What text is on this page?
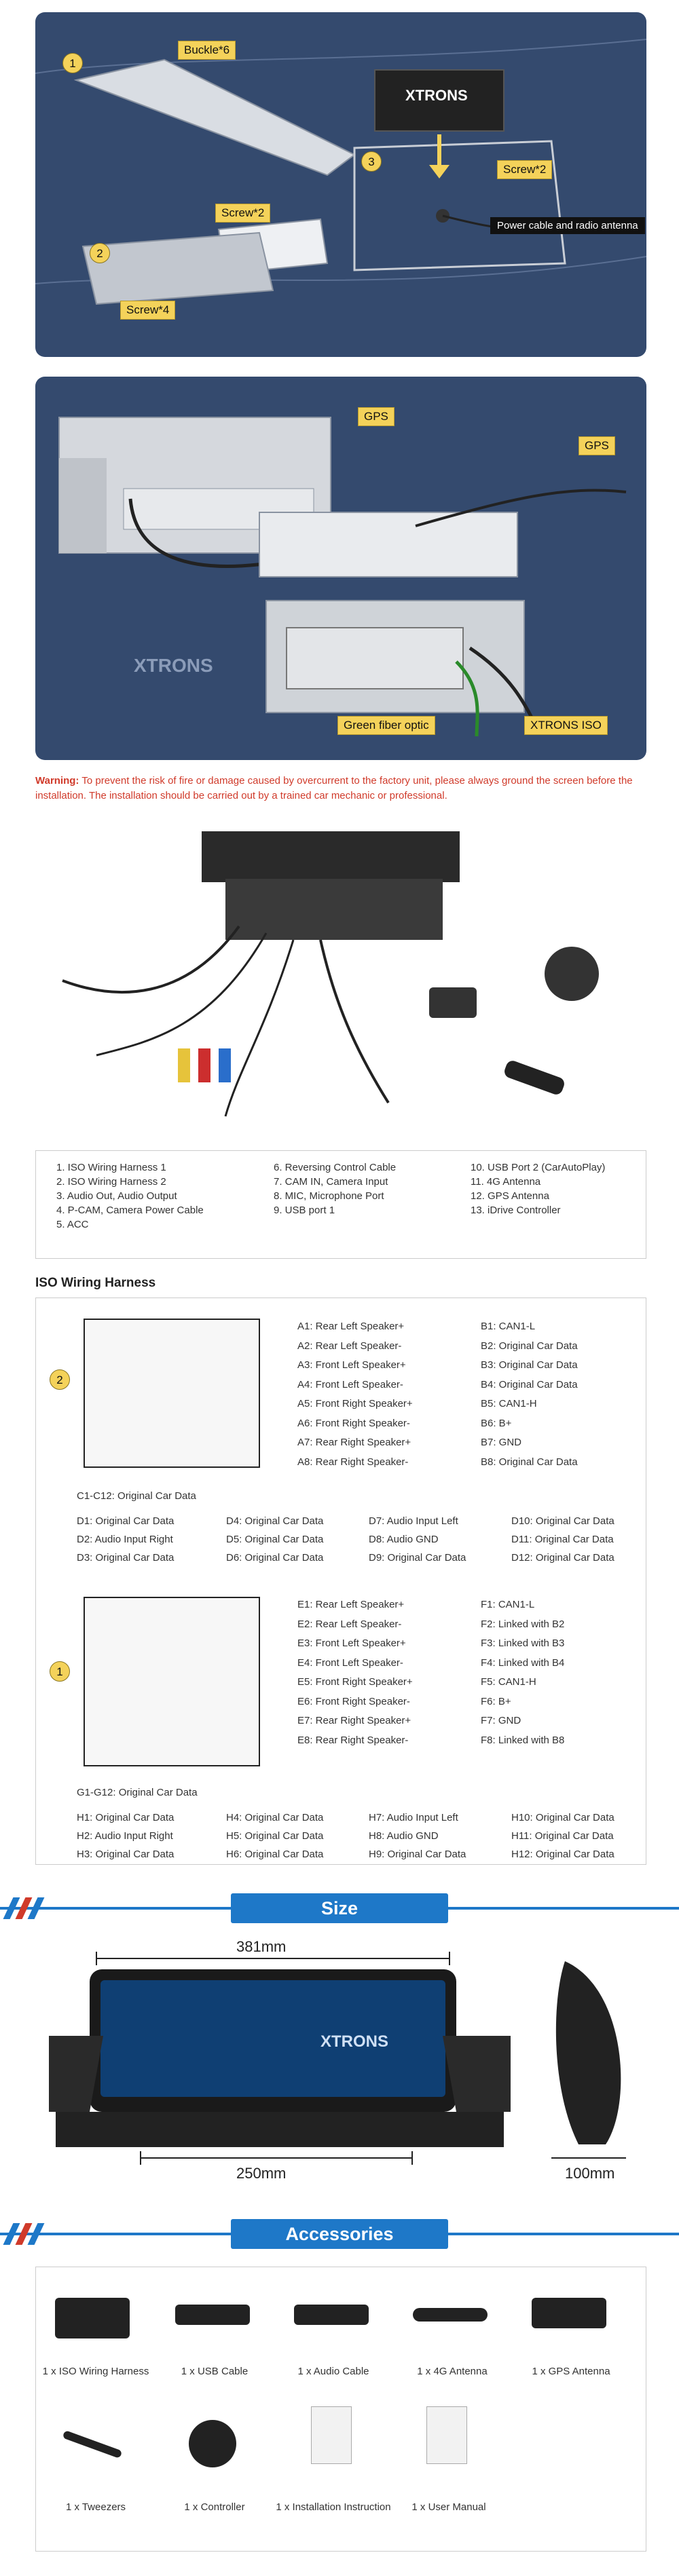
1
2
3
Buckle*6
Screw*2
Screw*2
Screw*4
Power cable and radio antenna
XTRONS
GPS
GPS
Green fiber optic	XTRONS ISO
XTRONS
Warning: To prevent the risk of fire or damage caused by overcurrent to the factory unit, please always ground the screen before the installation. The installation should be carried out by a trained car mechanic or professional.
1. ISO Wiring Harness 1
2. ISO Wiring Harness 2
3. Audio Out, Audio Output
4. P-CAM, Camera Power Cable
5. ACC
6. Reversing Control Cable
7. CAM IN, Camera Input
8. MIC, Microphone Port
9. USB port 1
10. USB Port 2 (CarAutoPlay)
11. 4G Antenna
12. GPS Antenna
13. iDrive Controller
ISO Wiring Harness
2
1
A1: Rear Left Speaker+
A2: Rear Left Speaker-
A3: Front Left Speaker+
A4: Front Left Speaker-
A5: Front Right Speaker+
A6: Front Right Speaker-
A7: Rear Right Speaker+
A8: Rear Right Speaker-
B1: CAN1-L
B2: Original Car Data
B3: Original Car Data
B4: Original Car Data
B5: CAN1-H
B6: B+
B7: GND
B8: Original Car Data
C1-C12: Original Car Data
D1: Original Car Data
D2: Audio Input Right
D3: Original Car Data
D4: Original Car Data
D5: Original Car Data
D6: Original Car Data
D7: Audio Input Left
D8: Audio GND
D9: Original Car Data
D10: Original Car Data
D11: Original Car Data
D12: Original Car Data
E1: Rear Left Speaker+
E2: Rear Left Speaker-
E3: Front Left Speaker+
E4: Front Left Speaker-
E5: Front Right Speaker+
E6: Front Right Speaker-
E7: Rear Right Speaker+
E8: Rear Right Speaker-
F1: CAN1-L
F2: Linked with B2
F3: Linked with B3
F4: Linked with B4
F5: CAN1-H
F6: B+
F7: GND
F8: Linked with B8
G1-G12: Original Car Data
H1: Original Car Data
H2: Audio Input Right
H3: Original Car Data
H4: Original Car Data
H5: Original Car Data
H6: Original Car Data
H7: Audio Input Left
H8: Audio GND
H9: Original Car Data
H10: Original Car Data
H11: Original Car Data
H12: Original Car Data
Size
381mm
250mm	100mm
XTRONS
Accessories
1 x ISO Wiring Harness	1 x USB Cable	1 x Audio Cable	1 x 4G Antenna	1 x GPS Antenna
1 x Tweezers	1 x Controller	1 x Installation Instruction	1 x User Manual
